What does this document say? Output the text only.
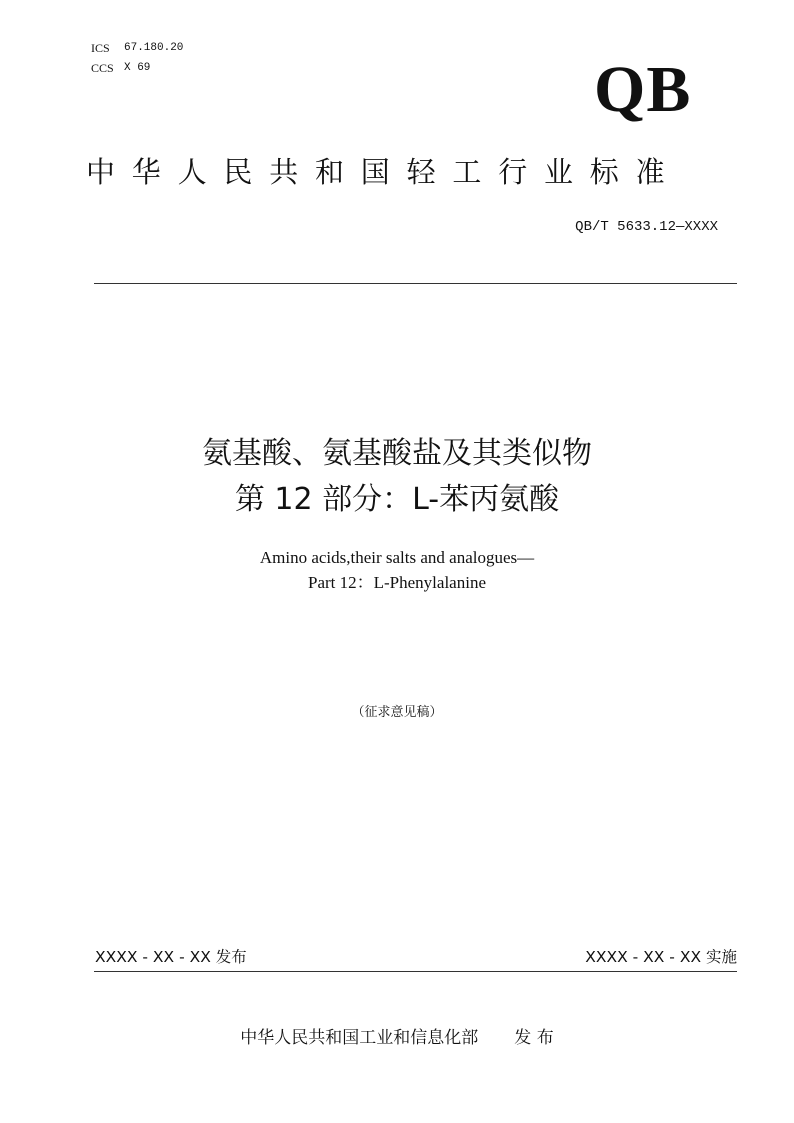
ICS	67.180.20
CCS X 69	QB
中华人民共和国轻工行业标准
QB/T 5633.12—XXXX
氨基酸、氨基酸盐及其类似物
第 12 部分：L-苯丙氨酸
Amino acids,their salts and analogues—
Part 12：L-Phenylalanine
（征求意见稿）
XXXX - XX - XX 发布	XXXX - XX - XX 实施
中华人民共和国工业和信息化部 发 布
